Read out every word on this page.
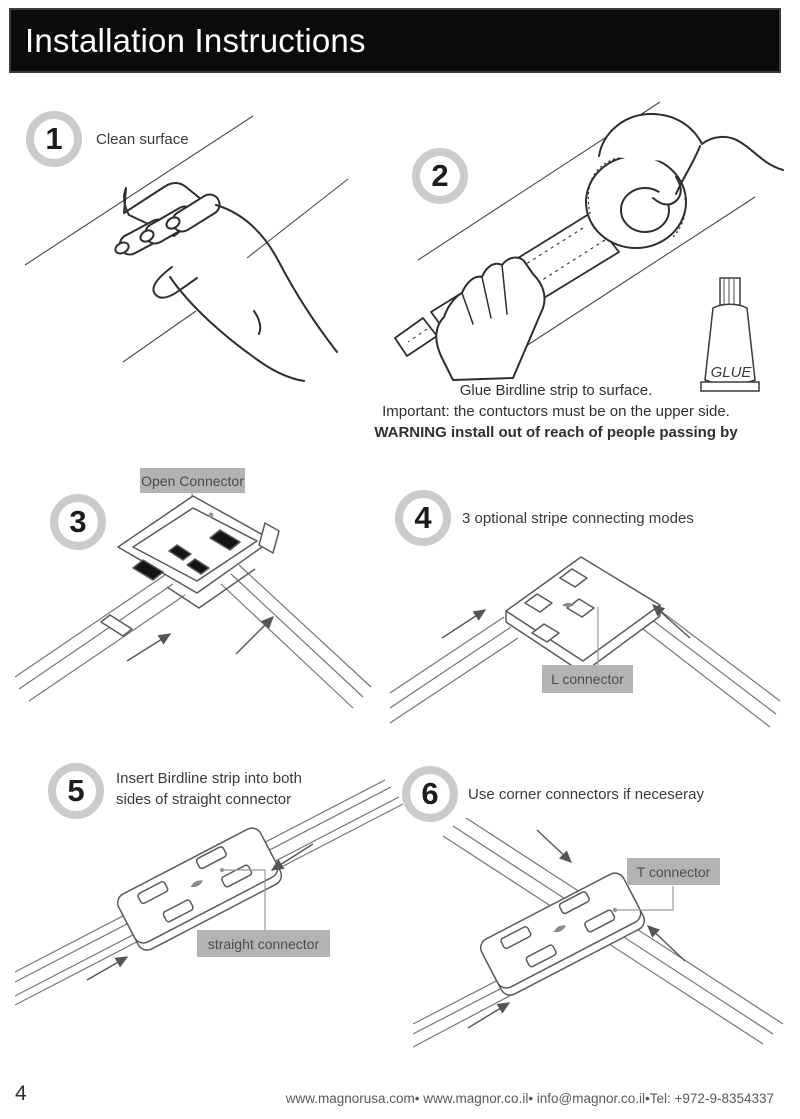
Installation Instructions
1 Clean surface
2
GLUE
Glue Birdline strip to surface.
Important: the contuctors must be on the upper side.
WARNING install out of reach of people passing by
Open Connector
3	4 3 optional stripe connecting modes
L connector
5 Insert Birdline strip into both sides of straight connector
straight connector
6 Use corner connectors if neceseray
T connector
4	www.magnorusa.com• www.magnor.co.il• info@magnor.co.il•Tel: +972-9-8354337
